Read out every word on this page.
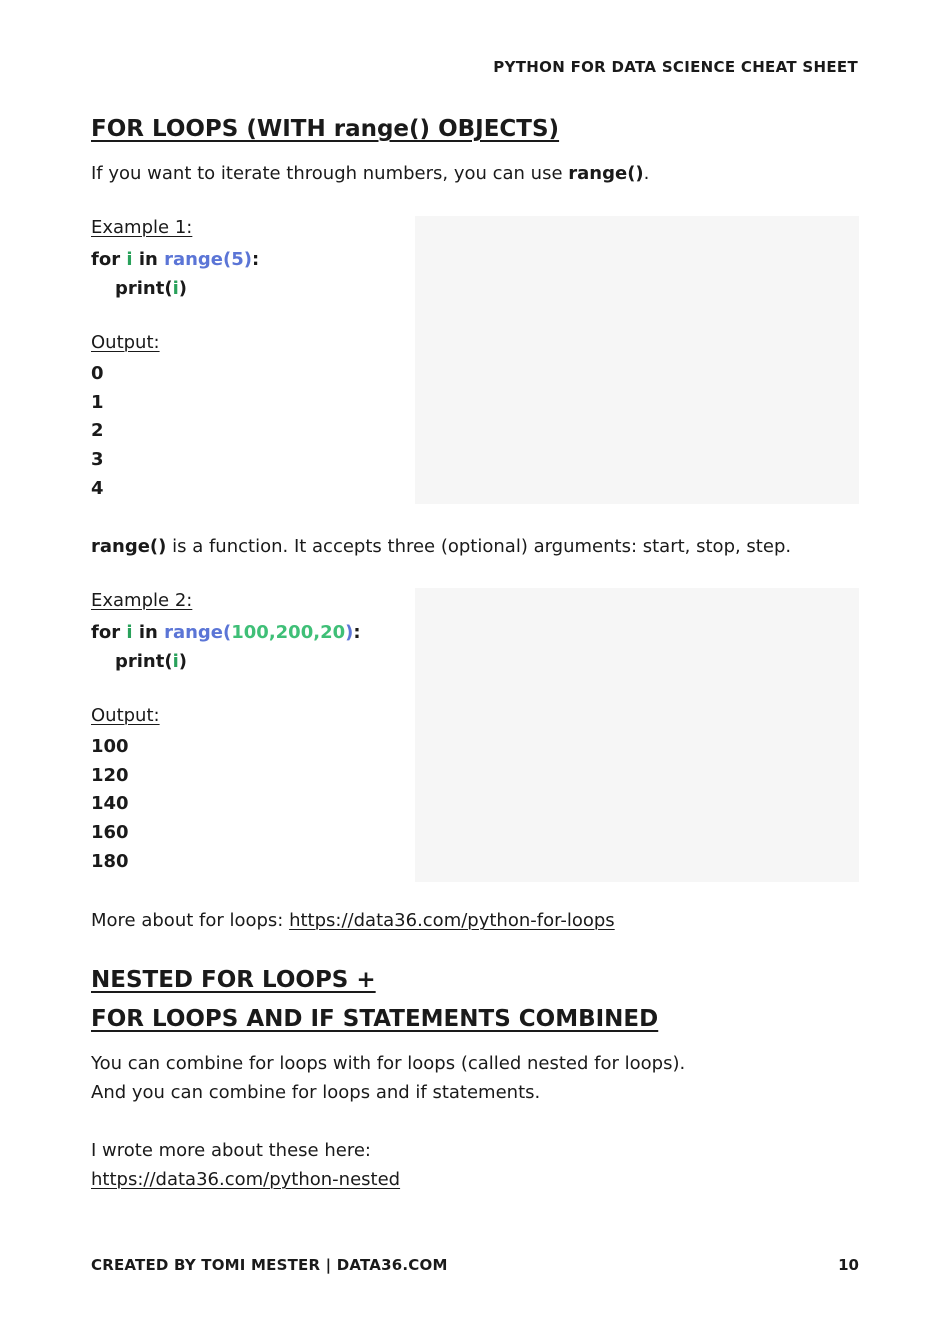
PYTHON FOR DATA SCIENCE CHEAT SHEET
FOR LOOPS (WITH range() OBJECTS)
If you want to iterate through numbers, you can use range().
Example 1:
for i in range(5):
print(i)
Output:
0
1
2
3
4
range() is a function. It accepts three (optional) arguments: start, stop, step.
Example 2:
for i in range(100,200,20):
print(i)
Output:
100
120
140
160
180
More about for loops: https://data36.com/python-for-loops
NESTED FOR LOOPS +
FOR LOOPS AND IF STATEMENTS COMBINED
You can combine for loops with for loops (called nested for loops).
And you can combine for loops and if statements.
I wrote more about these here:
https://data36.com/python-nested
CREATED BY TOMI MESTER | DATA36.COM	10
